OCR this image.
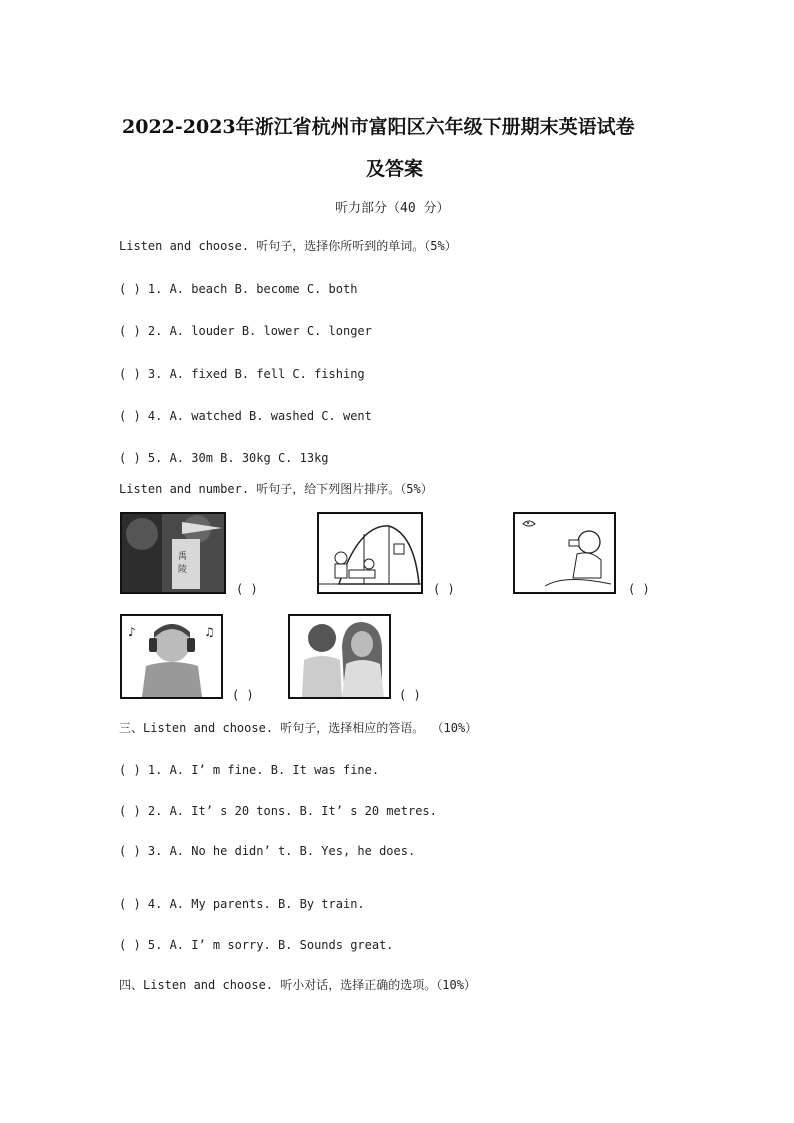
2022-2023年浙江省杭州市富阳区六年级下册期末英语试卷
及答案
听力部分（40 分）
Listen and choose. 听句子，选择你所听到的单词。（5%）
( ) 1. A. beach B. become C. both
( ) 2. A. louder B. lower C. longer
( ) 3. A. fixed B. fell C. fishing
( ) 4. A. watched B. washed C. went
( ) 5. A. 30m B. 30kg C. 13kg
Listen and number. 听句子，给下列图片排序。（5%）
禹
陵
( )	( )	( )
♪	♫
( )	( )
三、Listen and choose. 听句子，选择相应的答语。 （10%）
( ) 1. A. I’ m fine. B. It was fine.
( ) 2. A. It’ s 20 tons. B. It’ s 20 metres.
( ) 3. A. No he didn’ t. B. Yes, he does.
( ) 4. A. My parents. B. By train.
( ) 5. A. I’ m sorry. B. Sounds great.
四、Listen and choose. 听小对话，选择正确的选项。（10%）
